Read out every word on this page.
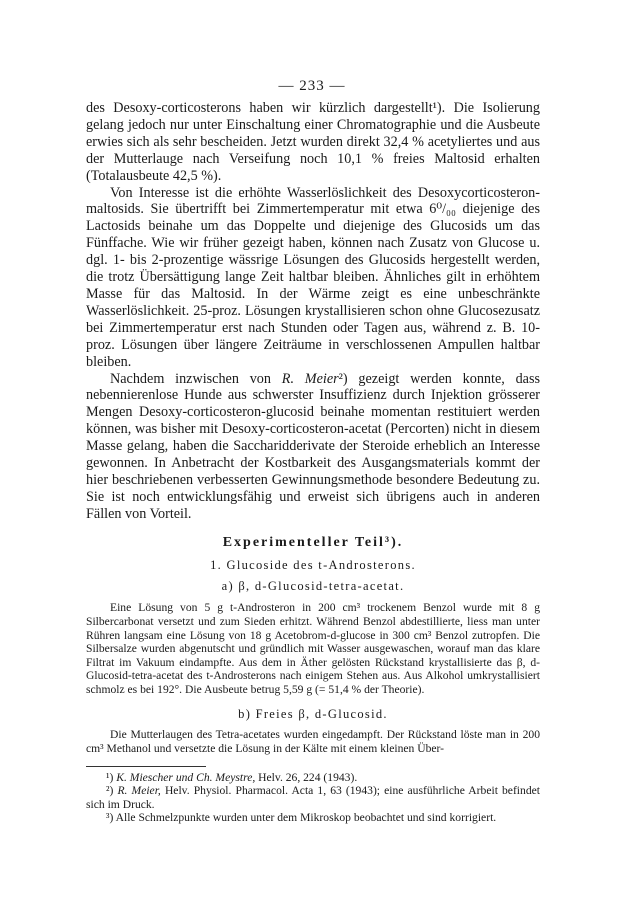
— 233 —

des Desoxy-corticosterons haben wir kürzlich dargestellt¹). Die Isolierung gelang jedoch nur unter Einschaltung einer Chromatographie und die Ausbeute erwies sich als sehr bescheiden. Jetzt wurden direkt 32,4 % acetyliertes und aus der Mutterlauge nach Verseifung noch 10,1 % freies Maltosid erhalten (Totalausbeute 42,5 %).

Von Interesse ist die erhöhte Wasserlöslichkeit des Desoxycorticosteron-maltosids. Sie übertrifft bei Zimmertemperatur mit etwa 6⁰/₀₀ diejenige des Lactosids beinahe um das Doppelte und diejenige des Glucosids um das Fünffache. Wie wir früher gezeigt haben, können nach Zusatz von Glucose u. dgl. 1- bis 2-prozentige wässrige Lösungen des Glucosids hergestellt werden, die trotz Übersättigung lange Zeit haltbar bleiben. Ähnliches gilt in erhöhtem Masse für das Maltosid. In der Wärme zeigt es eine unbeschränkte Wasserlöslichkeit. 25-proz. Lösungen krystallisieren schon ohne Glucosezusatz bei Zimmertemperatur erst nach Stunden oder Tagen aus, während z. B. 10-proz. Lösungen über längere Zeiträume in verschlossenen Ampullen haltbar bleiben.

Nachdem inzwischen von R. Meier²) gezeigt werden konnte, dass nebennierenlose Hunde aus schwerster Insuffizienz durch Injektion grösserer Mengen Desoxy-corticosteron-glucosid beinahe momentan restituiert werden können, was bisher mit Desoxy-corticosteron-acetat (Percorten) nicht in diesem Masse gelang, haben die Saccharidderivate der Steroide erheblich an Interesse gewonnen. In Anbetracht der Kostbarkeit des Ausgangsmaterials kommt der hier beschriebenen verbesserten Gewinnungsmethode besondere Bedeutung zu. Sie ist noch entwicklungsfähig und erweist sich übrigens auch in anderen Fällen von Vorteil.

Experimenteller Teil³).
1. Glucoside des t-Androsterons.
a) β, d-Glucosid-tetra-acetat.

Eine Lösung von 5 g t-Androsteron in 200 cm³ trockenem Benzol wurde mit 8 g Silbercarbonat versetzt und zum Sieden erhitzt. Während Benzol abdestillierte, liess man unter Rühren langsam eine Lösung von 18 g Acetobrom-d-glucose in 300 cm³ Benzol zutropfen. Die Silbersalze wurden abgenutscht und gründlich mit Wasser ausgewaschen, worauf man das klare Filtrat im Vakuum eindampfte. Aus dem in Äther gelösten Rückstand krystallisierte das β, d-Glucosid-tetra-acetat des t-Androsterons nach einigem Stehen aus. Aus Alkohol umkrystallisiert schmolz es bei 192°. Die Ausbeute betrug 5,59 g (= 51,4 % der Theorie).

b) Freies β, d-Glucosid.

Die Mutterlaugen des Tetra-acetates wurden eingedampft. Der Rückstand löste man in 200 cm³ Methanol und versetzte die Lösung in der Kälte mit einem kleinen Über-

¹) K. Miescher und Ch. Meystre, Helv. 26, 224 (1943).

²) R. Meier, Helv. Physiol. Pharmacol. Acta 1, 63 (1943); eine ausführliche Arbeit befindet sich im Druck.

³) Alle Schmelzpunkte wurden unter dem Mikroskop beobachtet und sind korrigiert.
